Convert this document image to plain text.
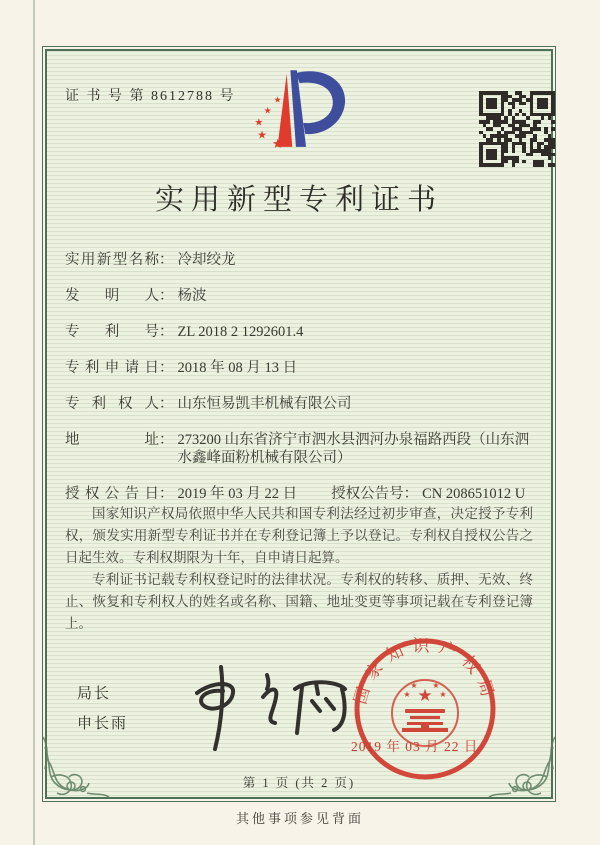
证 书 号 第 8612788 号	★
★
★
★
★
实用新型专利证书
实用新型名称 ： 冷却绞龙
发明人 ： 杨波
专利号 ： ZL 2018 2 1292601.4
专利申请日 ： 2018 年 08 月 13 日
专利权人 ： 山东恒易凯丰机械有限公司
地址 ： 273200 山东省济宁市泗水县泗河办泉福路西段（山东泗水鑫峰面粉机械有限公司）
授权公告日 ： 2019 年 03 月 22 日 授权公告号 ： CN 208651012 U

国家知识产权局依照中华人民共和国专利法经过初步审查，决定授予专利权，颁发实用新型专利证书并在专利登记簿上予以登记。专利权自授权公告之日起生效。专利权期限为十年，自申请日起算。

专利证书记载专利权登记时的法律状况。专利权的转移、质押、无效、终止、恢复和专利权人的姓名或名称、国籍、地址变更等事项记载在专利登记簿上。

局长
申长雨
国家知识产权局
★
★
★ ★
★
2019 年 03 月 22 日
第 1 页 (共 2 页)
其他事项参见背面
